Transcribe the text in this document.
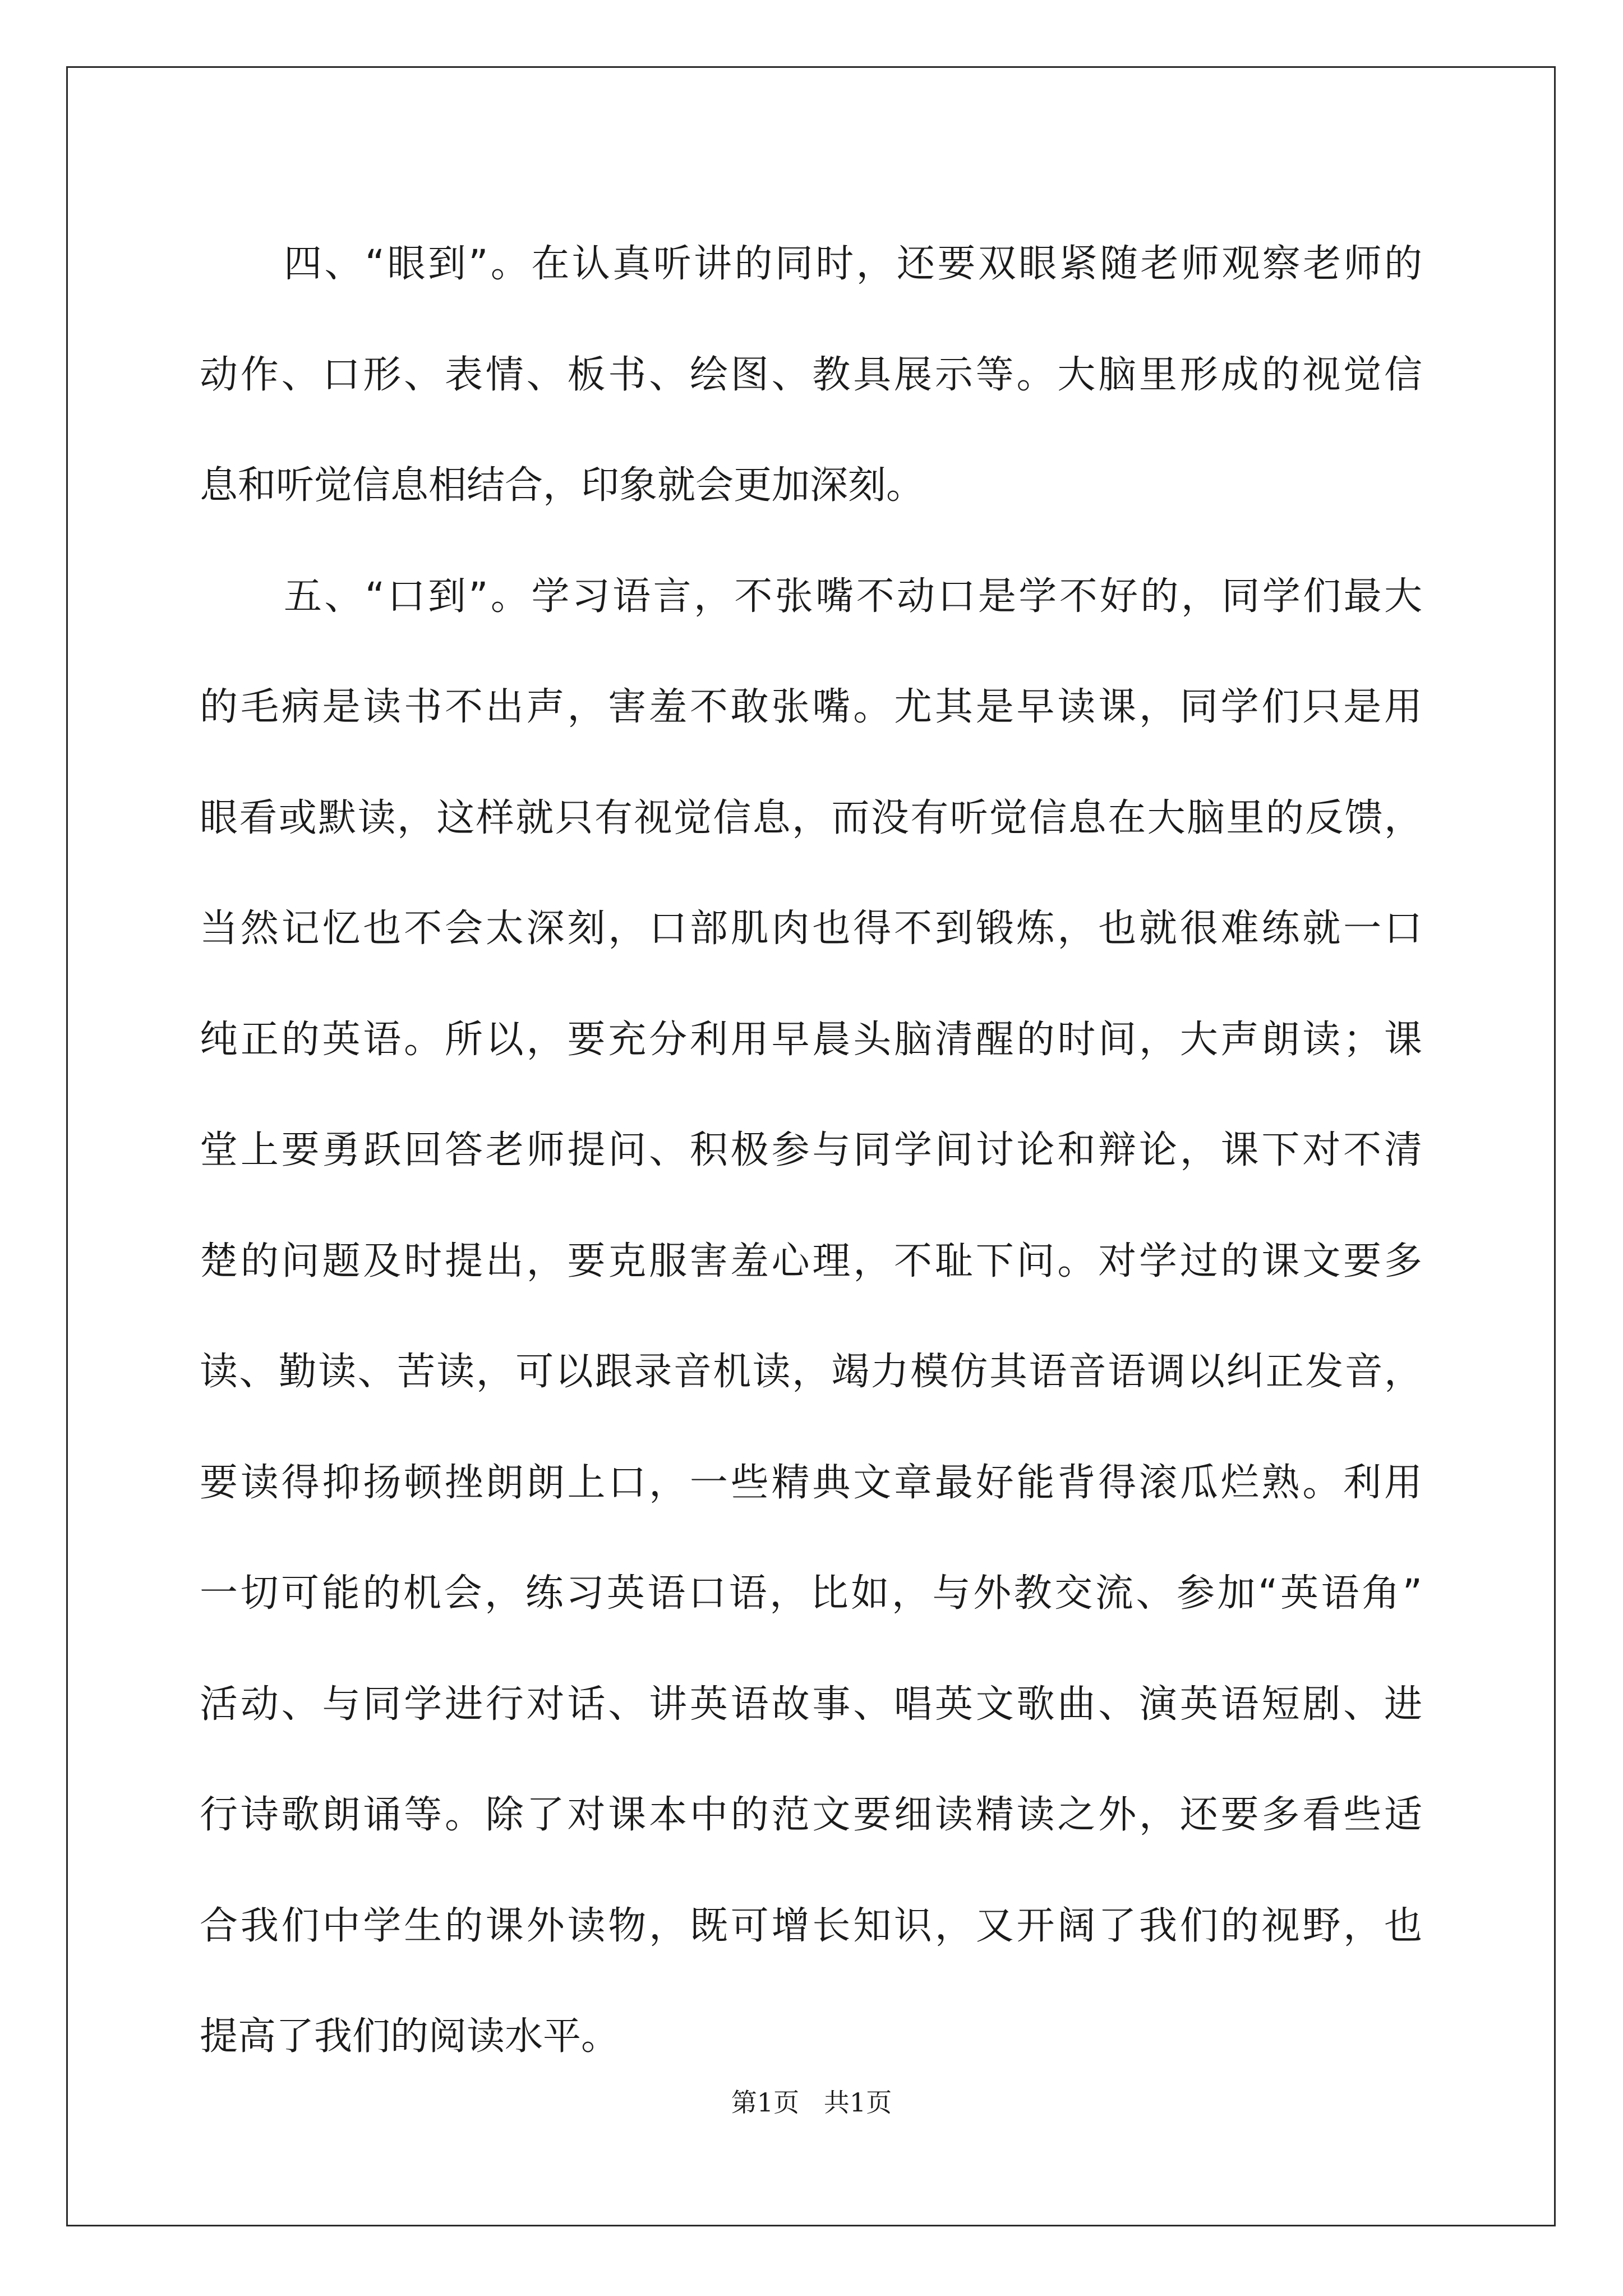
四、“眼到”。在认真听讲的同时，还要双眼紧随老师观察老师的
动作、口形、表情、板书、绘图、教具展示等。大脑里形成的视觉信
息和听觉信息相结合，印象就会更加深刻。
五、“口到”。学习语言，不张嘴不动口是学不好的，同学们最大
的毛病是读书不出声，害羞不敢张嘴。尤其是早读课，同学们只是用
眼看或默读，这样就只有视觉信息，而没有听觉信息在大脑里的反馈，
当然记忆也不会太深刻，口部肌肉也得不到锻炼，也就很难练就一口
纯正的英语。所以，要充分利用早晨头脑清醒的时间，大声朗读；课
堂上要勇跃回答老师提问、积极参与同学间讨论和辩论，课下对不清
楚的问题及时提出，要克服害羞心理，不耻下问。对学过的课文要多
读、勤读、苦读，可以跟录音机读，竭力模仿其语音语调以纠正发音，
要读得抑扬顿挫朗朗上口，一些精典文章最好能背得滚瓜烂熟。利用
一切可能的机会，练习英语口语，比如，与外教交流、参加“英语角”
活动、与同学进行对话、讲英语故事、唱英文歌曲、演英语短剧、进
行诗歌朗诵等。除了对课本中的范文要细读精读之外，还要多看些适
合我们中学生的课外读物，既可增长知识，又开阔了我们的视野，也
提高了我们的阅读水平。
第1页   共1页
